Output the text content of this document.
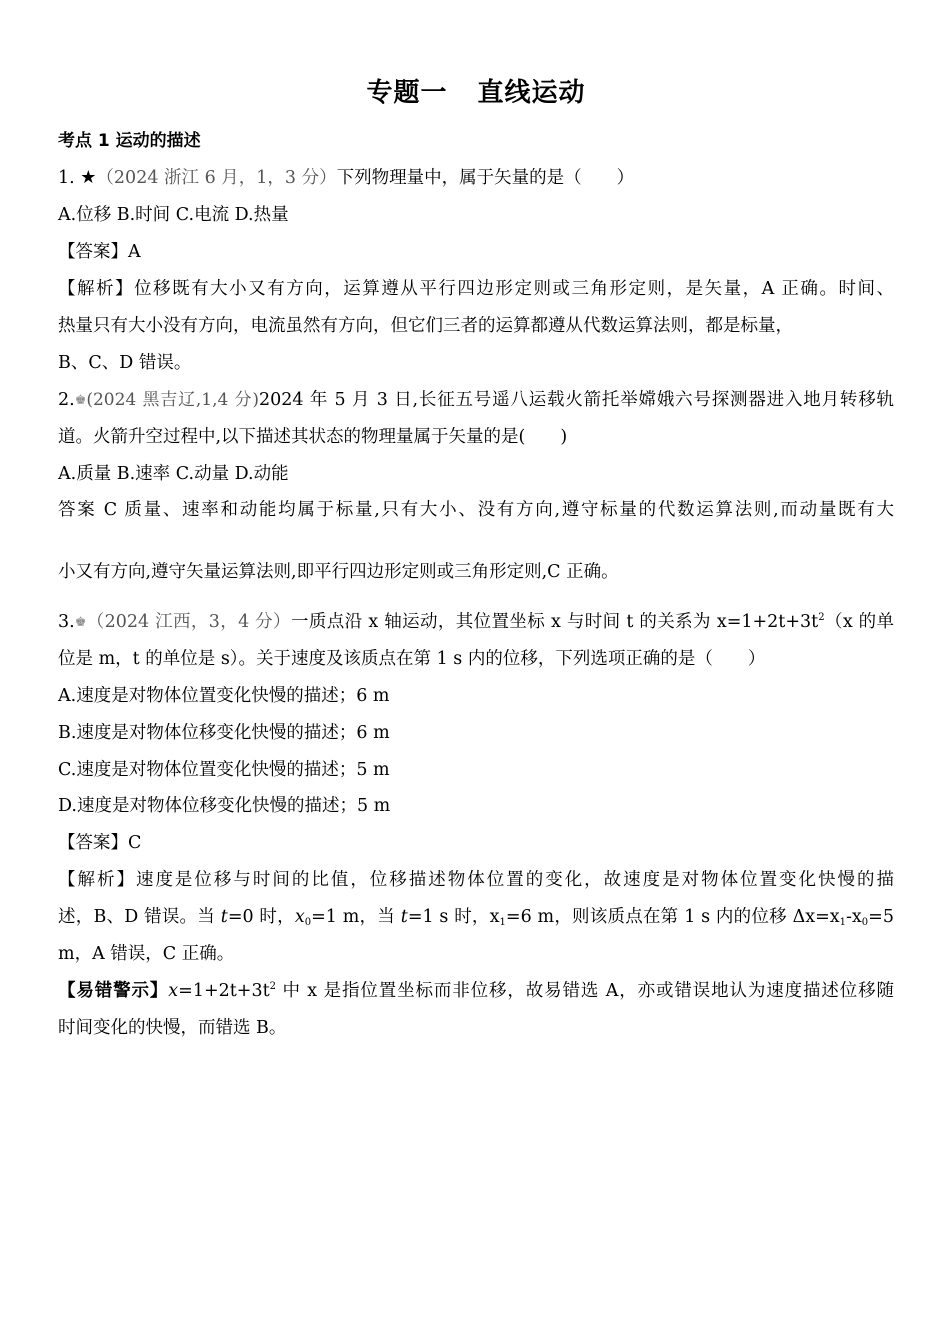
专题一 直线运动
考点 1 运动的描述
1. ★（2024 浙江 6 月，1，3 分）下列物理量中，属于矢量的是（　　）
A.位移 B.时间 C.电流 D.热量
【答案】A
【解析】位移既有大小又有方向，运算遵从平行四边形定则或三角形定则，是矢量，A 正确。时间、
热量只有大小没有方向，电流虽然有方向，但它们三者的运算都遵从代数运算法则，都是标量，
B、C、D 错误。
2.♚(2024 黑吉辽,1,4 分)2024 年 5 月 3 日,长征五号遥八运载火箭托举嫦娥六号探测器进入地月转移轨
道。火箭升空过程中,以下描述其状态的物理量属于矢量的是(　　)
A.质量 B.速率 C.动量 D.动能
答案 C 质量、速率和动能均属于标量,只有大小、没有方向,遵守标量的代数运算法则,而动量既有大
小又有方向,遵守矢量运算法则,即平行四边形定则或三角形定则,C 正确。
3.♚（2024 江西，3，4 分）一质点沿 x 轴运动，其位置坐标 x 与时间 t 的关系为 $x=1+2t+3t^2(x$ 的单
位是 m，t 的单位是 s）。关于速度及该质点在第 1 s 内的位移，下列选项正确的是（　　）
A.速度是对物体位置变化快慢的描述；6 m
B.速度是对物体位移变化快慢的描述；6 m
C.速度是对物体位置变化快慢的描述；5 m
D.速度是对物体位移变化快慢的描述；5 m
【答案】C
【解析】速度是位移与时间的比值，位移描述物体位置的变化，故速度是对物体位置变化快慢的描
述，B、D 错误。当 t=0 时，$x_0=1$ m，当 t=1 s 时，$x_1=6$ m，则该质点在第 1 s 内的位移 $\Delta x=x_1-x_0=5$
m，A 错误，C 正确。
【易错警示】$x=1+2t+3t^2$ 中 x 是指位置坐标而非位移，故易错选 A，亦或错误地认为速度描述位移随
时间变化的快慢，而错选 B。
